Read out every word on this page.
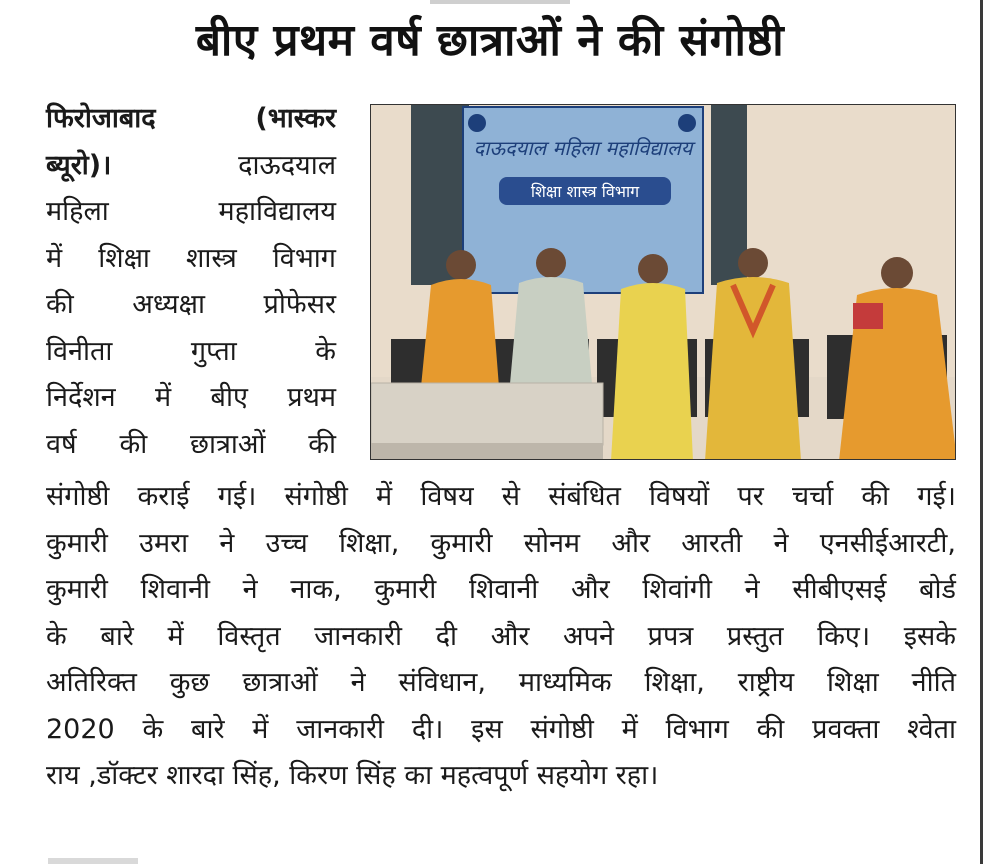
बीए प्रथम वर्ष छात्राओं ने की संगोष्ठी
फिरोजाबाद (भास्कर
ब्यूरो)। दाऊदयाल
महिला महाविद्यालय
में शिक्षा शास्त्र विभाग
की अध्यक्षा प्रोफेसर
विनीता गुप्ता के
निर्देशन में बीए प्रथम
वर्ष की छात्राओं की
दाऊदयाल महिला महाविद्यालय
शिक्षा शास्त्र विभाग
संगोष्ठी कराई गई। संगोष्ठी में विषय से संबंधित विषयों पर चर्चा की गई।
कुमारी उमरा ने उच्च शिक्षा, कुमारी सोनम और आरती ने एनसीईआरटी,
कुमारी शिवानी ने नाक, कुमारी शिवानी और शिवांगी ने सीबीएसई बोर्ड
के बारे में विस्तृत जानकारी दी और अपने प्रपत्र प्रस्तुत किए। इसके
अतिरिक्त कुछ छात्राओं ने संविधान, माध्यमिक शिक्षा, राष्ट्रीय शिक्षा नीति
2020 के बारे में जानकारी दी। इस संगोष्ठी में विभाग की प्रवक्ता श्वेता
राय ,डॉक्टर शारदा सिंह, किरण सिंह का महत्वपूर्ण सहयोग रहा।
